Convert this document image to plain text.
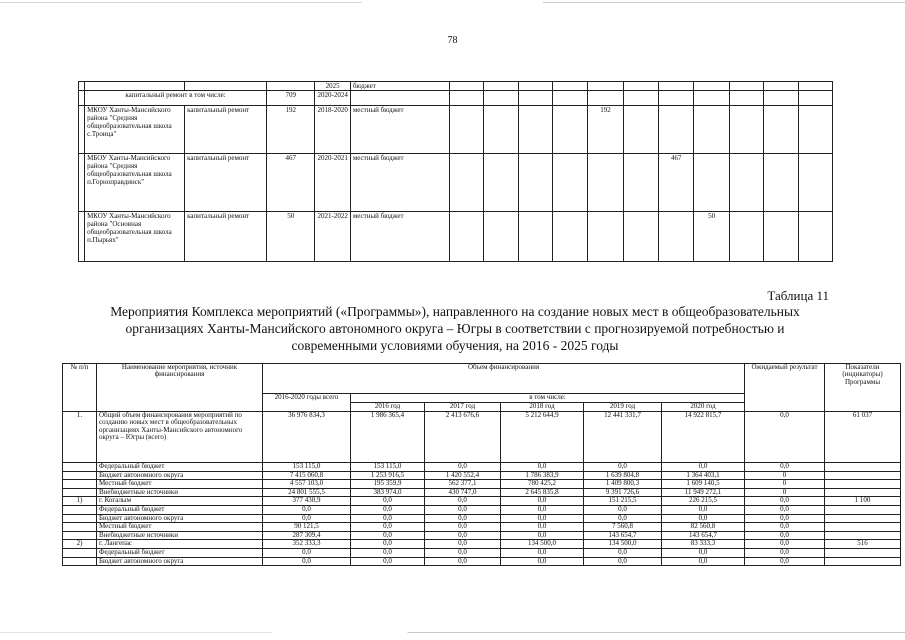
78
				2025	бюджет											
	капитальный ремонт в том числе:		709	2020-2024												
	МКОУ Ханты-Мансийского района "Средняя общеобразовательная школа с.Троица"	капитальный ремонт	192	2018-2020	местный бюджет					192						
	МБОУ Ханты-Мансийского района "Средняя общеобразовательная школа п.Горноправдинск"	капитальный ремонт	467	2020-2021	местный бюджет							467				
	МКОУ Ханты-Мансийского района "Основная общеобразовательная школа п.Пырьях"	капитальный ремонт	50	2021-2022	местный бюджет								50			
Таблица 11
Мероприятия Комплекса мероприятий («Программы»), направленного на создание новых мест в общеобразовательных
организациях Ханты-Мансийского автономного округа – Югры в соответствии с прогнозируемой потребностью и
современными условиями обучения, на 2016 - 2025 годы
№ п/п	Наименование мероприятия, источник финансирования	Объем финансирования						Ожидаемый результат	Показатели (индикаторы) Программы
		2016-2020 годы всего	в том числе:						
			2016 год	2017 год	2018 год	2019 год	2020 год		
1.	Общий объем финансирования мероприятий по созданию новых мест в общеобразовательных организациях Ханты-Мансийского автономного округа – Югры (всего)	36 976 834,3	1 986 365,4	2 413 676,6	5 212 644,9	12 441 331,7	14 922 815,7	0,0	61 037
	Федеральный бюджет	153 115,0	153 115,0	0,0	0,0	0,0	0,0	0,0	
	Бюджет автономного округа	7 415 060,8	1 253 916,5	1 420 552,4	1 786 383,9	1 639 804,8	1 364 403,1	0	
	Местный бюджет	4 557 103,0	195 359,9	562 377,1	780 425,2	1 409 800,3	1 609 140,5	0	
	Внебюджетные источники	24 801 555,5	383 974,0	430 747,0	2 645 835,8	9 391 726,6	11 949 272,1	0	
1)	г. Когалым	377 430,9	0,0	0,0	0,0	151 215,5	226 215,5	0,0	1 100
	Федеральный бюджет	0,0	0,0	0,0	0,0	0,0	0,0	0,0	
	Бюджет автономного округа	0,0	0,0	0,0	0,0	0,0	0,0	0,0	
	Местный бюджет	90 121,5	0,0	0,0	0,0	7 560,8	82 560,8	0,0	
	Внебюджетные источники	287 309,4	0,0	0,0	0,0	143 654,7	143 654,7	0,0	
2)	г. Лангепас	352 333,3	0,0	0,0	134 500,0	134 500,0	83 333,3	0,0	516
	Федеральный бюджет	0,0	0,0	0,0	0,0	0,0	0,0	0,0	
	Бюджет автономного округа	0,0	0,0	0,0	0,0	0,0	0,0	0,0	
